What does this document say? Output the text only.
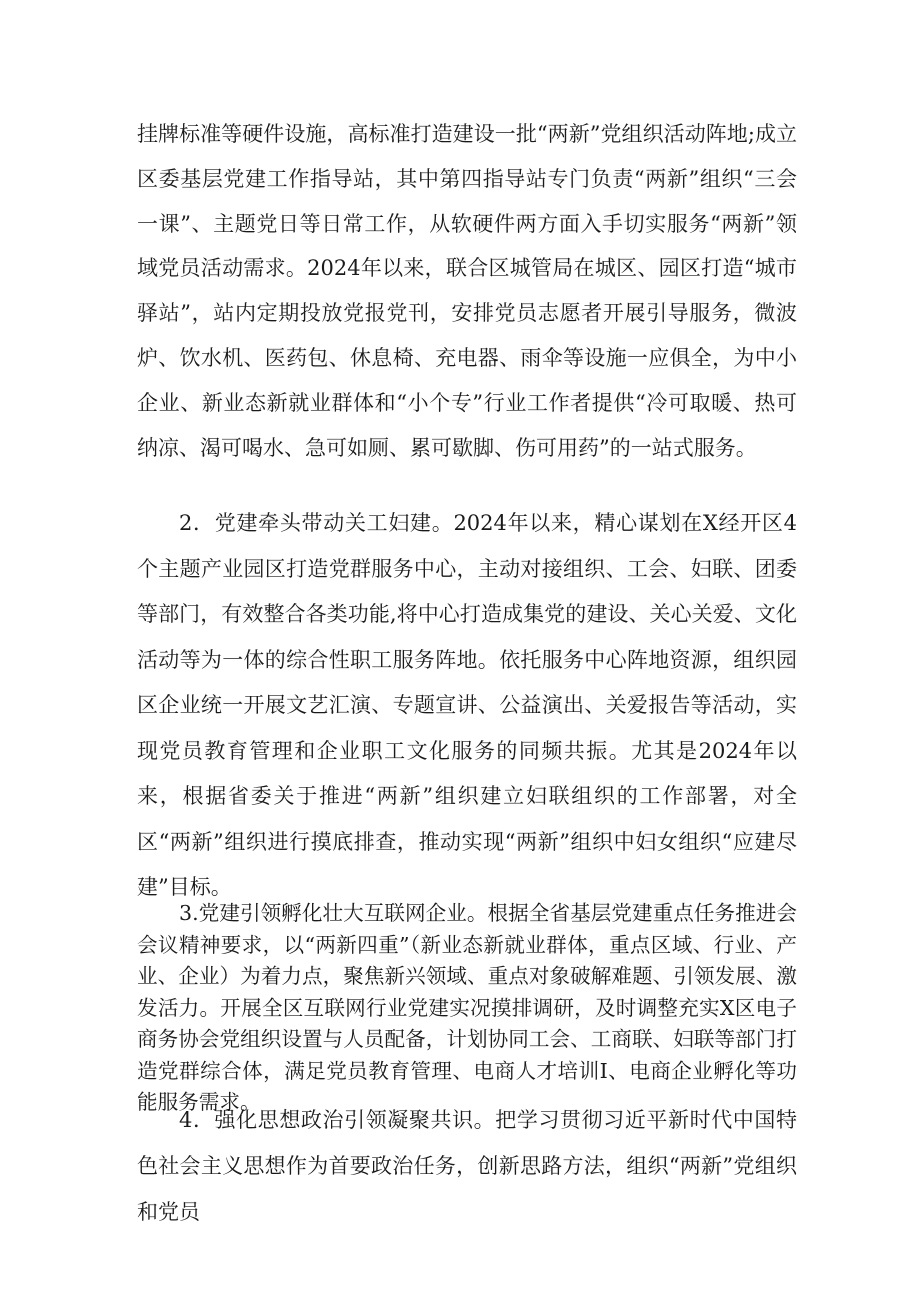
挂牌标准等硬件设施，高标准打造建设一批“两新”党组织活动阵地;成立区委基层党建工作指导站，其中第四指导站专门负责“两新”组织“三会一课”、主题党日等日常工作，从软硬件两方面入手切实服务“两新”领域党员活动需求。2024年以来，联合区城管局在城区、园区打造“城市驿站”，站内定期投放党报党刊，安排党员志愿者开展引导服务，微波炉、饮水机、医药包、休息椅、充电器、雨伞等设施一应俱全，为中小企业、新业态新就业群体和“小个专”行业工作者提供“冷可取暖、热可纳凉、渴可喝水、急可如厕、累可歇脚、伤可用药”的一站式服务。

2．党建牵头带动关工妇建。2024年以来，精心谋划在X经开区4个主题产业园区打造党群服务中心，主动对接组织、工会、妇联、团委等部门，有效整合各类功能,将中心打造成集党的建设、关心关爱、文化活动等为一体的综合性职工服务阵地。依托服务中心阵地资源，组织园区企业统一开展文艺汇演、专题宣讲、公益演出、关爱报告等活动，实现党员教育管理和企业职工文化服务的同频共振。尤其是2024年以来，根据省委关于推进“两新”组织建立妇联组织的工作部署，对全区“两新”组织进行摸底排查，推动实现“两新”组织中妇女组织“应建尽建”目标。

3.党建引领孵化壮大互联网企业。根据全省基层党建重点任务推进会会议精神要求，以“两新四重”（新业态新就业群体，重点区域、行业、产业、企业）为着力点，聚焦新兴领域、重点对象破解难题、引领发展、激发活力。开展全区互联网行业党建实况摸排调研，及时调整充实X区电子商务协会党组织设置与人员配备，计划协同工会、工商联、妇联等部门打造党群综合体，满足党员教育管理、电商人才培训I、电商企业孵化等功能服务需求。

4．强化思想政治引领凝聚共识。把学习贯彻习近平新时代中国特色社会主义思想作为首要政治任务，创新思路方法，组织“两新”党组织和党员
